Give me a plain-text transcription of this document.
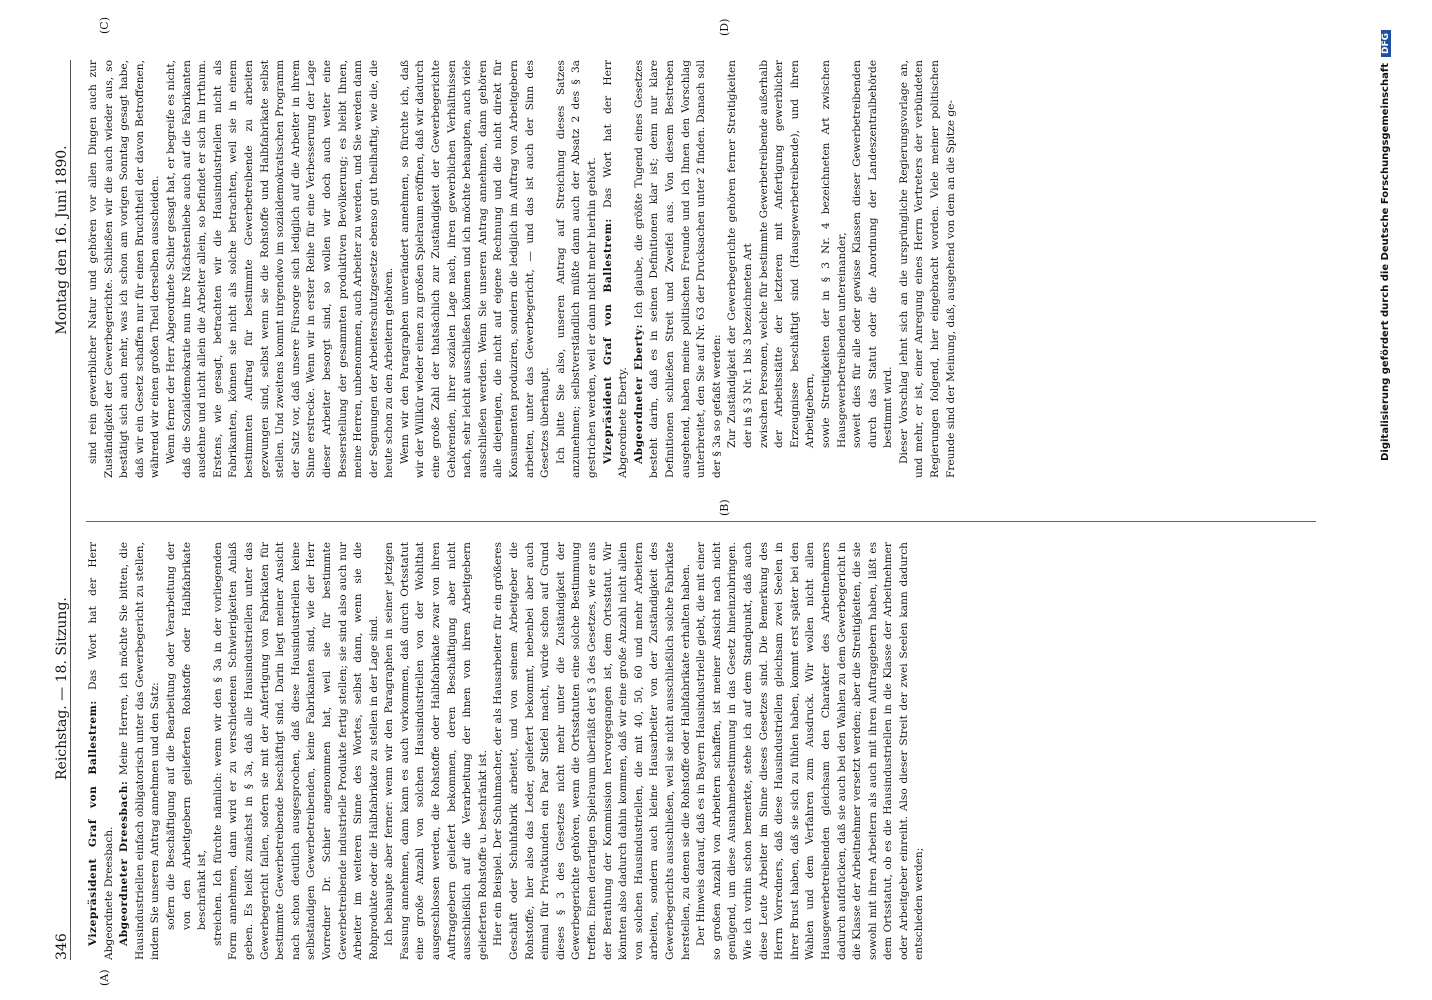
346
Reichstag. — 18. Sitzung.
Montag den 16. Juni 1890.
(A)
(B)
(C)	(D)

Vizepräsident Graf von Ballestrem: Das Wort hat der Herr Abgeordnete Dreesbach. Abgeordneter Dreesbach: Meine Herren, ich möchte Sie bitten, die Hausindustriellen einfach obligatorisch unter das Gewerbegericht zu stellen, indem Sie unseren Antrag annehmen und den Satz: sofern die Beschäftigung auf die Bearbeitung oder Verarbeitung der von den Arbeitgebern gelieferten Rohstoffe oder Halbfabrikate beschränkt ist, streichen. Ich fürchte nämlich: wenn wir den § 3a in der vorliegenden Form annehmen, dann wird er zu verschiedenen Schwierigkeiten Anlaß geben. Es heißt zunächst in § 3a, daß alle Hausindustriellen unter das Gewerbegericht fallen, sofern sie mit der Anfertigung von Fabrikaten für bestimmte Gewerbetreibende beschäftigt sind. Darin liegt meiner Ansicht nach schon deutlich ausgesprochen, daß diese Hausindustriellen keine selbständigen Gewerbetreibenden, keine Fabrikanten sind, wie der Herr Vorredner Dr. Schier angenommen hat, weil sie für bestimmte Gewerbetreibende industrielle Produkte fertig stellen; sie sind also auch nur Arbeiter im weiteren Sinne des Wortes, selbst dann, wenn sie die Rohprodukte oder die Halbfabrikate zu stellen in der Lage sind. Ich behaupte aber ferner: wenn wir den Paragraphen in seiner jetzigen Fassung annehmen, dann kann es auch vorkommen, daß durch Ortsstatut eine große Anzahl von solchen Hausindustriellen von der Wohlthat ausgeschlossen werden, die Rohstoffe oder Halbfabrikate zwar von ihren Auftraggebern geliefert bekommen, deren Beschäftigung aber nicht ausschließlich auf die Verarbeitung der ihnen von ihren Arbeitgebern gelieferten Rohstoffe u. beschränkt ist. Hier ein Beispiel. Der Schuhmacher, der als Hausarbeiter für ein größeres Geschäft oder Schuhfabrik arbeitet, und von seinem Arbeitgeber die Rohstoffe, hier also das Leder, geliefert bekommt, nebenbei aber auch einmal für Privatkunden ein Paar Stiefel macht, würde schon auf Grund dieses § 3 des Gesetzes nicht mehr unter die Zuständigkeit der Gewerbegerichte gehören, wenn die Ortsstatuten eine solche Bestimmung treffen. Einen derartigen Spielraum überläßt der § 3 des Gesetzes, wie er aus der Berathung der Kommission hervorgegangen ist, dem Ortsstatut. Wir könnten also dadurch dahin kommen, daß wir eine große Anzahl nicht allein von solchen Hausindustriellen, die mit 40, 50, 60 und mehr Arbeitern arbeiten, sondern auch kleine Hausarbeiter von der Zuständigkeit des Gewerbegerichts ausschließen, weil sie nicht ausschließlich solche Fabrikate herstellen, zu denen sie die Rohstoffe oder Halbfabrikate erhalten haben. Der Hinweis darauf, daß es in Bayern Hausindustrielle giebt, die mit einer so großen Anzahl von Arbeitern schaffen, ist meiner Ansicht nach nicht genügend, um diese Ausnahmebestimmung in das Gesetz hineinzubringen. Wie ich vorhin schon bemerkte, stehe ich auf dem Standpunkt, daß auch diese Leute Arbeiter im Sinne dieses Gesetzes sind. Die Bemerkung des Herrn Vorredners, daß diese Hausindustriellen gleichsam zwei Seelen in ihrer Brust haben, daß sie sich zu fühlen haben, kommt erst später bei den Wahlen und dem Verfahren zum Ausdruck. Wir wollen nicht allen Hausgewerbetreibenden gleichsam den Charakter des Arbeitnehmers dadurch aufdrücken, daß sie auch bei den Wahlen zu dem Gewerbegericht in die Klasse der Arbeitnehmer versetzt werden; aber die Streitigkeiten, die sie sowohl mit ihren Arbeitern als auch mit ihren Auftraggebern haben, läßt es dem Ortsstatut, ob es die Hausindustriellen in die Klasse der Arbeitnehmer oder Arbeitgeber einreiht. Also dieser Streit der zwei Seelen kann dadurch entschieden werden;

sind rein gewerblicher Natur und gehören vor allen Dingen auch zur Zuständigkeit der Gewerbegerichte. Schließen wir die auch wieder aus, so bestätigt sich auch mehr, was ich schon am vorigen Sonntag gesagt habe, daß wir ein Gesetz schaffen nur für einen Bruchtheil der davon Betroffenen, während wir einen großen Theil derselben ausscheiden. Wenn ferner der Herr Abgeordnete Schier gesagt hat, er begreife es nicht, daß die Sozialdemokratie nun ihre Nächstenliebe auch auf die Fabrikanten ausdehne und nicht allein die Arbeiter allein, so befindet er sich im Irrthum. Erstens, wie gesagt, betrachten wir die Hausindustriellen nicht als Fabrikanten, können sie nicht als solche betrachten, weil sie in einem bestimmten Auftrag für bestimmte Gewerbetreibende zu arbeiten gezwungen sind, selbst wenn sie die Rohstoffe und Halbfabrikate selbst stellen. Und zweitens kommt nirgendwo im sozialdemokratischen Programm der Satz vor, daß unsere Fürsorge sich lediglich auf die Arbeiter in ihrem Sinne erstrecke. Wenn wir in erster Reihe für eine Verbesserung der Lage dieser Arbeiter besorgt sind, so wollen wir doch auch weiter eine Besserstellung der gesammten produktiven Bevölkerung; es bleibt Ihnen, meine Herren, unbenommen, auch Arbeiter zu werden, und Sie werden dann der Segnungen der Arbeiterschutzgesetze ebenso gut theilhaftig, wie die, die heute schon zu den Arbeitern gehören. Wenn wir den Paragraphen unverändert annehmen, so fürchte ich, daß wir der Willkür wieder einen zu großen Spielraum eröffnen, daß wir dadurch eine große Zahl der thatsächlich zur Zuständigkeit der Gewerbegerichte Gehörenden, ihrer sozialen Lage nach, ihren gewerblichen Verhältnissen nach, sehr leicht ausschließen können und ich möchte behaupten, auch viele ausschließen werden. Wenn Sie unseren Antrag annehmen, dann gehören alle diejenigen, die nicht auf eigene Rechnung und die nicht direkt für Konsumenten produziren, sondern die lediglich im Auftrag von Arbeitgebern arbeiten, unter das Gewerbegericht, — und das ist auch der Sinn des Gesetzes überhaupt. Ich bitte Sie also, unseren Antrag auf Streichung dieses Satzes anzunehmen; selbstverständlich müßte dann auch der Absatz 2 des § 3a gestrichen werden, weil er dann nicht mehr hierhin gehört. Vizepräsident Graf von Ballestrem: Das Wort hat der Herr Abgeordnete Eberty. Abgeordneter Eberty: Ich glaube, die größte Tugend eines Gesetzes besteht darin, daß es in seinen Definitionen klar ist; denn nur klare Definitionen schließen Streit und Zweifel aus. Von diesem Bestreben ausgehend, haben meine politischen Freunde und ich Ihnen den Vorschlag unterbreitet, den Sie auf Nr. 63 der Drucksachen unter 2 finden. Danach soll der § 3a so gefaßt werden: Zur Zuständigkeit der Gewerbegerichte gehören ferner Streitigkeiten der in § 3 Nr. 1 bis 3 bezeichneten Art zwischen Personen, welche für bestimmte Gewerbetreibende außerhalb der Arbeitsstätte der letzteren mit Anfertigung gewerblicher Erzeugnisse beschäftigt sind (Hausgewerbetreibende), und ihren Arbeitgebern, sowie Streitigkeiten der in § 3 Nr. 4 bezeichneten Art zwischen Hausgewerbetreibenden untereinander, soweit dies für alle oder gewisse Klassen dieser Gewerbetreibenden durch das Statut oder die Anordnung der Landeszentralbehörde bestimmt wird. Dieser Vorschlag lehnt sich an die ursprüngliche Regierungsvorlage an, und mehr, er ist, einer Anregung eines Herrn Vertreters der verbündeten Regierungen folgend, hier eingebracht worden. Viele meiner politischen Freunde sind der Meinung, daß, ausgehend von dem an die Spitze ge-	Digitalisierung gefördert durch die Deutsche ForschungsgemeinschaftDFG
